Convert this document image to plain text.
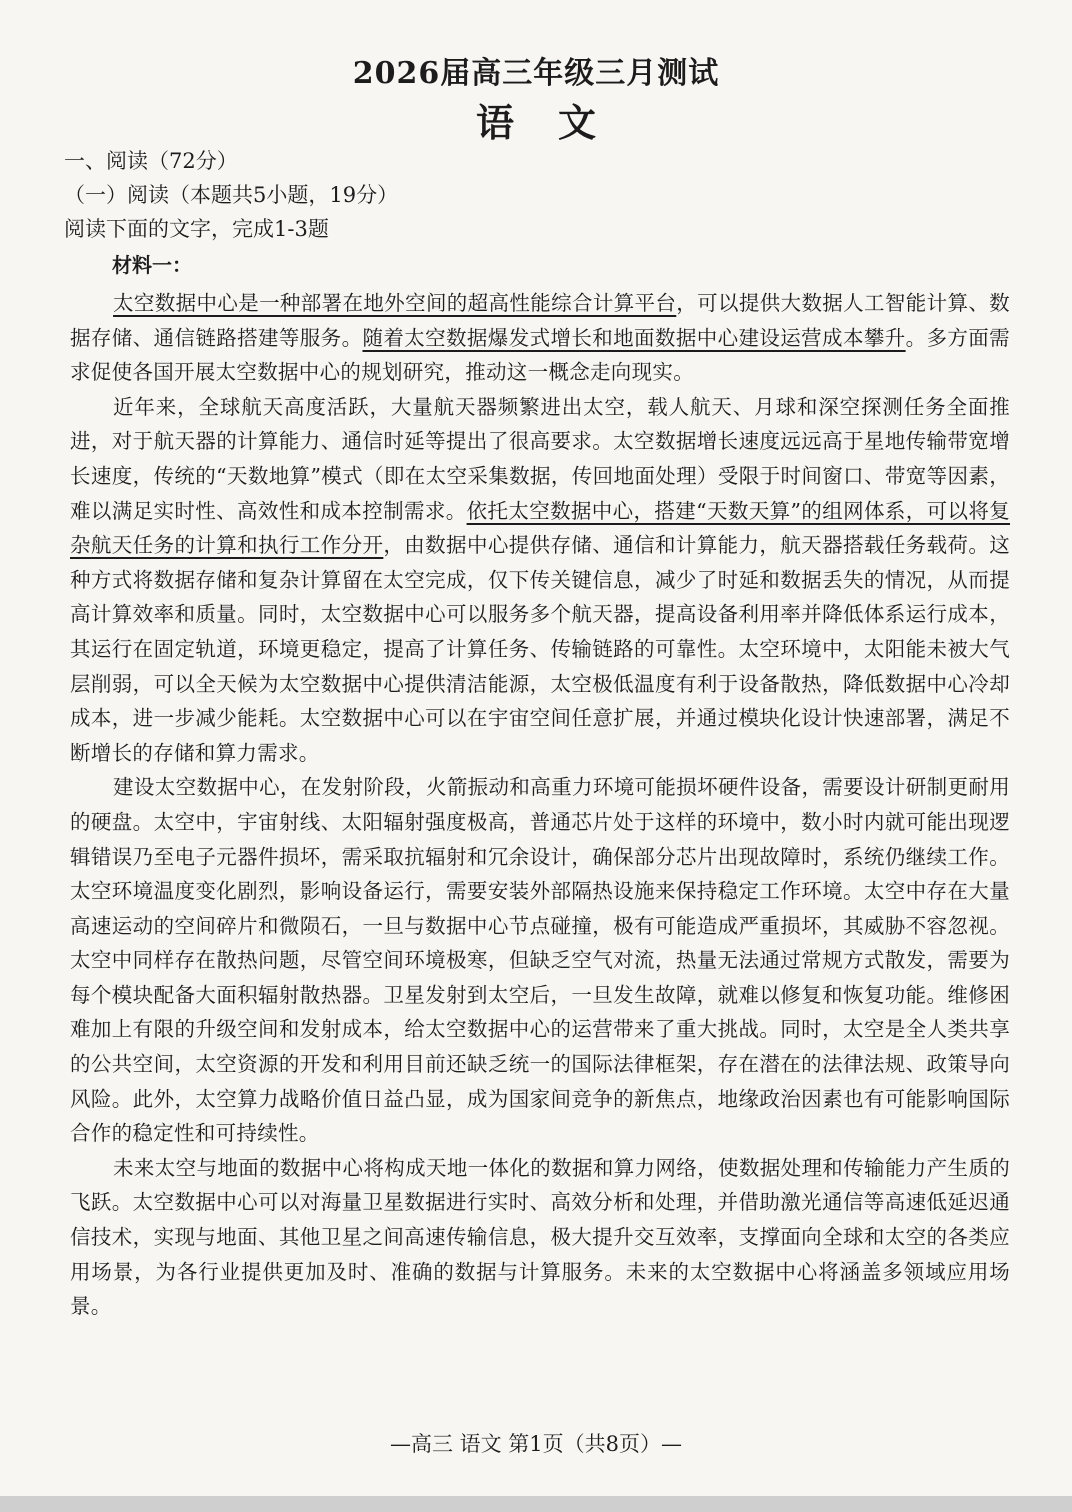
2026届高三年级三月测试
语文
一、阅读（72分）
（一）阅读（本题共5小题，19分）
阅读下面的文字，完成1-3题
材料一：

太空数据中心是一种部署在地外空间的超高性能综合计算平台，可以提供大数据人工智能计算、数据存储、通信链路搭建等服务。随着太空数据爆发式增长和地面数据中心建设运营成本攀升。多方面需求促使各国开展太空数据中心的规划研究，推动这一概念走向现实。

近年来，全球航天高度活跃，大量航天器频繁进出太空，载人航天、月球和深空探测任务全面推进，对于航天器的计算能力、通信时延等提出了很高要求。太空数据增长速度远远高于星地传输带宽增长速度，传统的“天数地算”模式（即在太空采集数据，传回地面处理）受限于时间窗口、带宽等因素，难以满足实时性、高效性和成本控制需求。依托太空数据中心，搭建“天数天算”的组网体系，可以将复杂航天任务的计算和执行工作分开，由数据中心提供存储、通信和计算能力，航天器搭载任务载荷。这种方式将数据存储和复杂计算留在太空完成，仅下传关键信息，减少了时延和数据丢失的情况，从而提高计算效率和质量。同时，太空数据中心可以服务多个航天器，提高设备利用率并降低体系运行成本，其运行在固定轨道，环境更稳定，提高了计算任务、传输链路的可靠性。太空环境中，太阳能未被大气层削弱，可以全天候为太空数据中心提供清洁能源，太空极低温度有利于设备散热，降低数据中心冷却成本，进一步减少能耗。太空数据中心可以在宇宙空间任意扩展，并通过模块化设计快速部署，满足不断增长的存储和算力需求。

建设太空数据中心，在发射阶段，火箭振动和高重力环境可能损坏硬件设备，需要设计研制更耐用的硬盘。太空中，宇宙射线、太阳辐射强度极高，普通芯片处于这样的环境中，数小时内就可能出现逻辑错误乃至电子元器件损坏，需采取抗辐射和冗余设计，确保部分芯片出现故障时，系统仍继续工作。太空环境温度变化剧烈，影响设备运行，需要安装外部隔热设施来保持稳定工作环境。太空中存在大量高速运动的空间碎片和微陨石，一旦与数据中心节点碰撞，极有可能造成严重损坏，其威胁不容忽视。太空中同样存在散热问题，尽管空间环境极寒，但缺乏空气对流，热量无法通过常规方式散发，需要为每个模块配备大面积辐射散热器。卫星发射到太空后，一旦发生故障，就难以修复和恢复功能。维修困难加上有限的升级空间和发射成本，给太空数据中心的运营带来了重大挑战。同时，太空是全人类共享的公共空间，太空资源的开发和利用目前还缺乏统一的国际法律框架，存在潜在的法律法规、政策导向风险。此外，太空算力战略价值日益凸显，成为国家间竞争的新焦点，地缘政治因素也有可能影响国际合作的稳定性和可持续性。

未来太空与地面的数据中心将构成天地一体化的数据和算力网络，使数据处理和传输能力产生质的飞跃。太空数据中心可以对海量卫星数据进行实时、高效分析和处理，并借助激光通信等高速低延迟通信技术，实现与地面、其他卫星之间高速传输信息，极大提升交互效率，支撑面向全球和太空的各类应用场景，为各行业提供更加及时、准确的数据与计算服务。未来的太空数据中心将涵盖多领域应用场景。

—高三 语文 第1页（共8页）—
